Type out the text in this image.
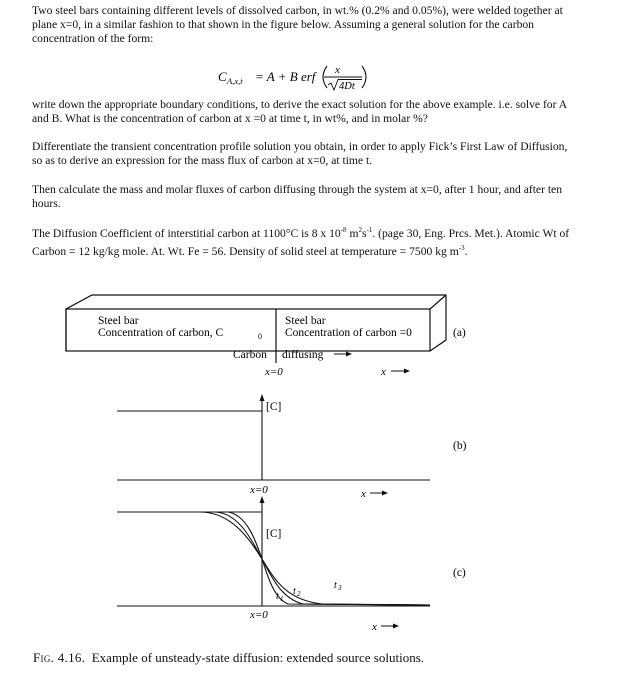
Two steel bars containing different levels of dissolved carbon, in wt.% (0.2% and 0.05%), were welded together at plane x=0, in a similar fashion to that shown in the figure below. Assuming a general solution for the carbon concentration of the form:

C A,x,t = A + B erf x
4Dt

write down the appropriate boundary conditions, to derive the exact solution for the above example. i.e. solve for A and B. What is the concentration of carbon at x =0 at time t, in wt%, and in molar %?

Differentiate the transient concentration profile solution you obtain, in order to apply Fick’s First Law of Diffusion, so as to derive an expression for the mass flux of carbon at x=0, at time t.

Then calculate the mass and molar fluxes of carbon diffusing through the system at x=0, after 1 hour, and after ten hours.

The Diffusion Coefficient of interstitial carbon at 1100°C is 8 x $10^{-8}$ $m^2s^{-1}$. (page 30, Eng. Prcs. Met.). Atomic Wt of Carbon = 12 kg/kg mole. At. Wt. Fe = 56. Density of solid steel at temperature = 7500 kg $m^{-3}$.

Steel bar
Concentration of carbon, C	0
Steel bar
Concentration of carbon =0
Carbon diffusing
(a)
x=0	x
[C]
(b)
x=0	x
[C]
(c)
t 1
t 2
t 3
x=0
x
Fig. 4.16. Example of unsteady-state diffusion: extended source solutions.
